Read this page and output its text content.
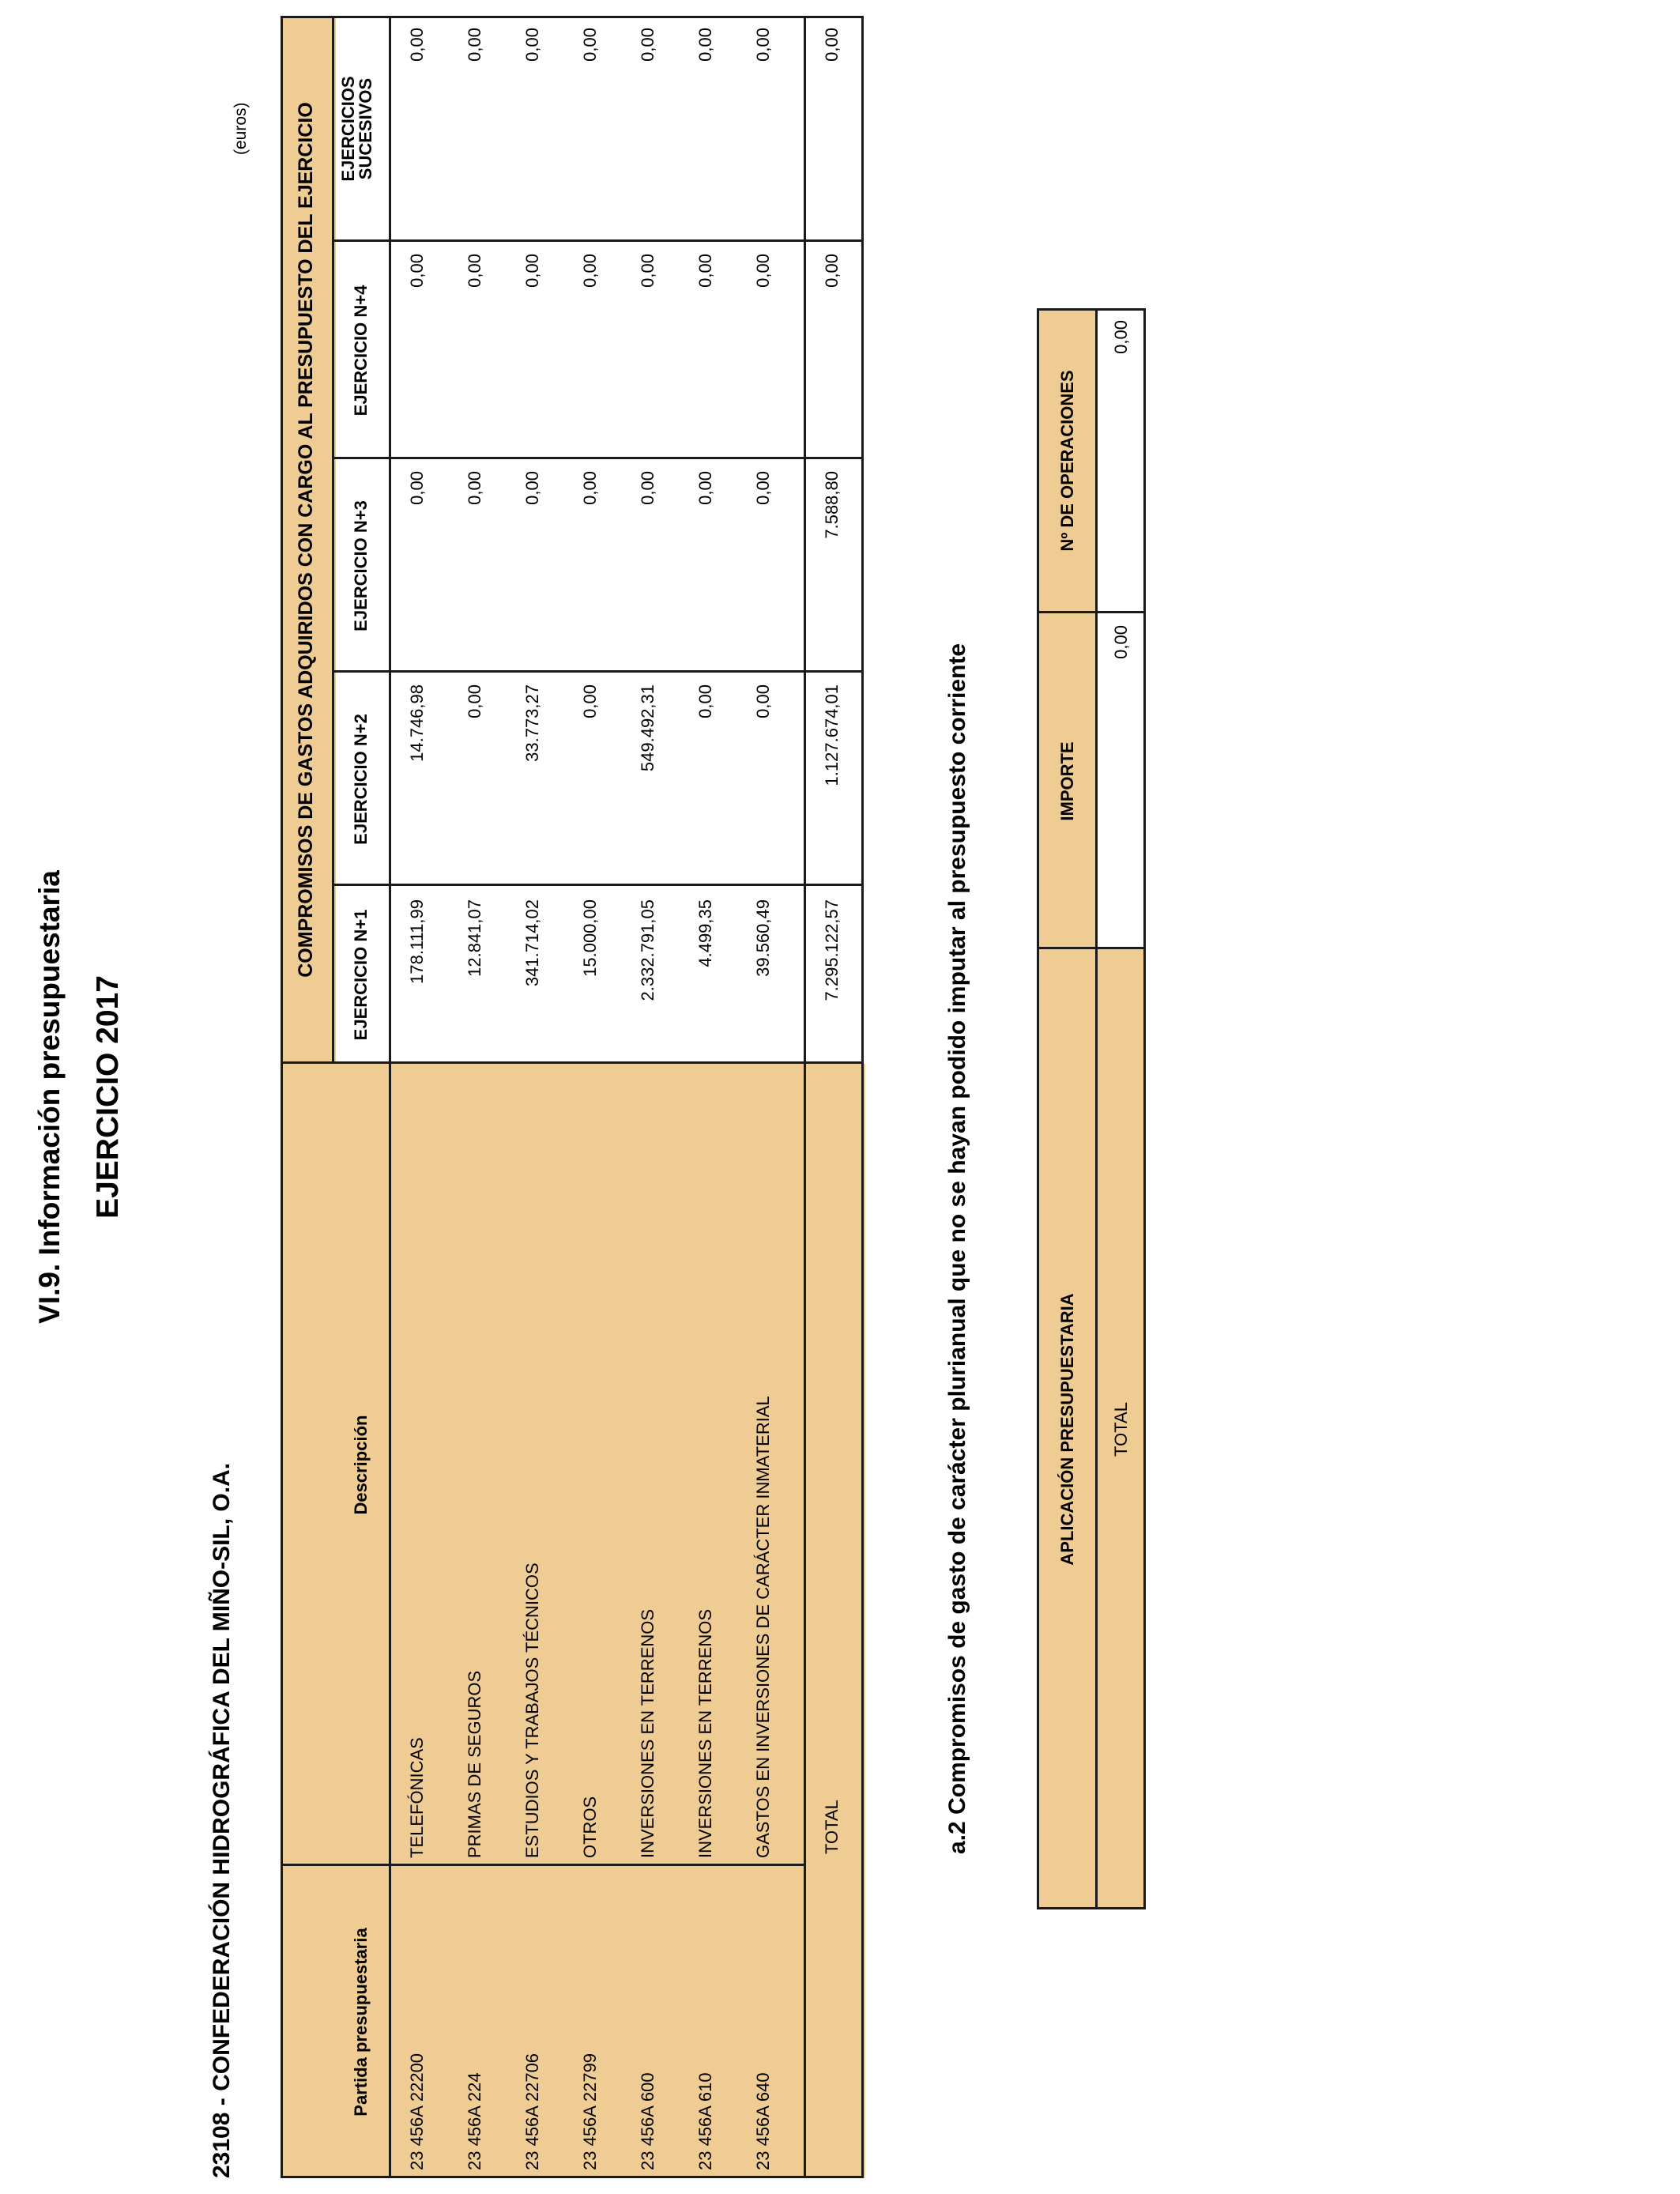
VI.9. Información presupuestaria EJERCICIO 2017
23108 - CONFEDERACIÓN HIDROGRÁFICA DEL MIÑO-SIL, O.A.
(euros) COMPROMISOS DE GASTOS ADQUIRIDOS CON CARGO AL PRESUPUESTO DEL EJERCICIO
Partida presupuestaria
Descripción
EJERCICIO N+1
EJERCICIO N+2
EJERCICIO N+3
EJERCICIO N+4
EJERCICIOS
SUCESIVOS
23 456A 22200
TELEFÓNICAS
178.111,99
14.746,98
0,00
0,00
0,00
23 456A 224
PRIMAS DE SEGUROS
12.841,07
0,00
0,00
0,00
0,00
23 456A 22706
ESTUDIOS Y TRABAJOS TÉCNICOS
341.714,02
33.773,27
0,00
0,00
0,00
23 456A 22799
OTROS
15.000,00
0,00
0,00
0,00
0,00
23 456A 600
INVERSIONES EN TERRENOS
2.332.791,05
549.492,31
0,00
0,00
0,00
23 456A 610
INVERSIONES EN TERRENOS
4.499,35
0,00
0,00
0,00
0,00
23 456A 640
GASTOS EN INVERSIONES DE CARÁCTER INMATERIAL
39.560,49
0,00
0,00
0,00
0,00
TOTAL
7.295.122,57
1.127.674,01
7.588,80
0,00
0,00
a.2 Compromisos de gasto de carácter plurianual que no se hayan podido imputar al presupuesto corriente	APLICACIÓN PRESUPUESTARIA
IMPORTE
Nº DE OPERACIONES
TOTAL
0,00
0,00
